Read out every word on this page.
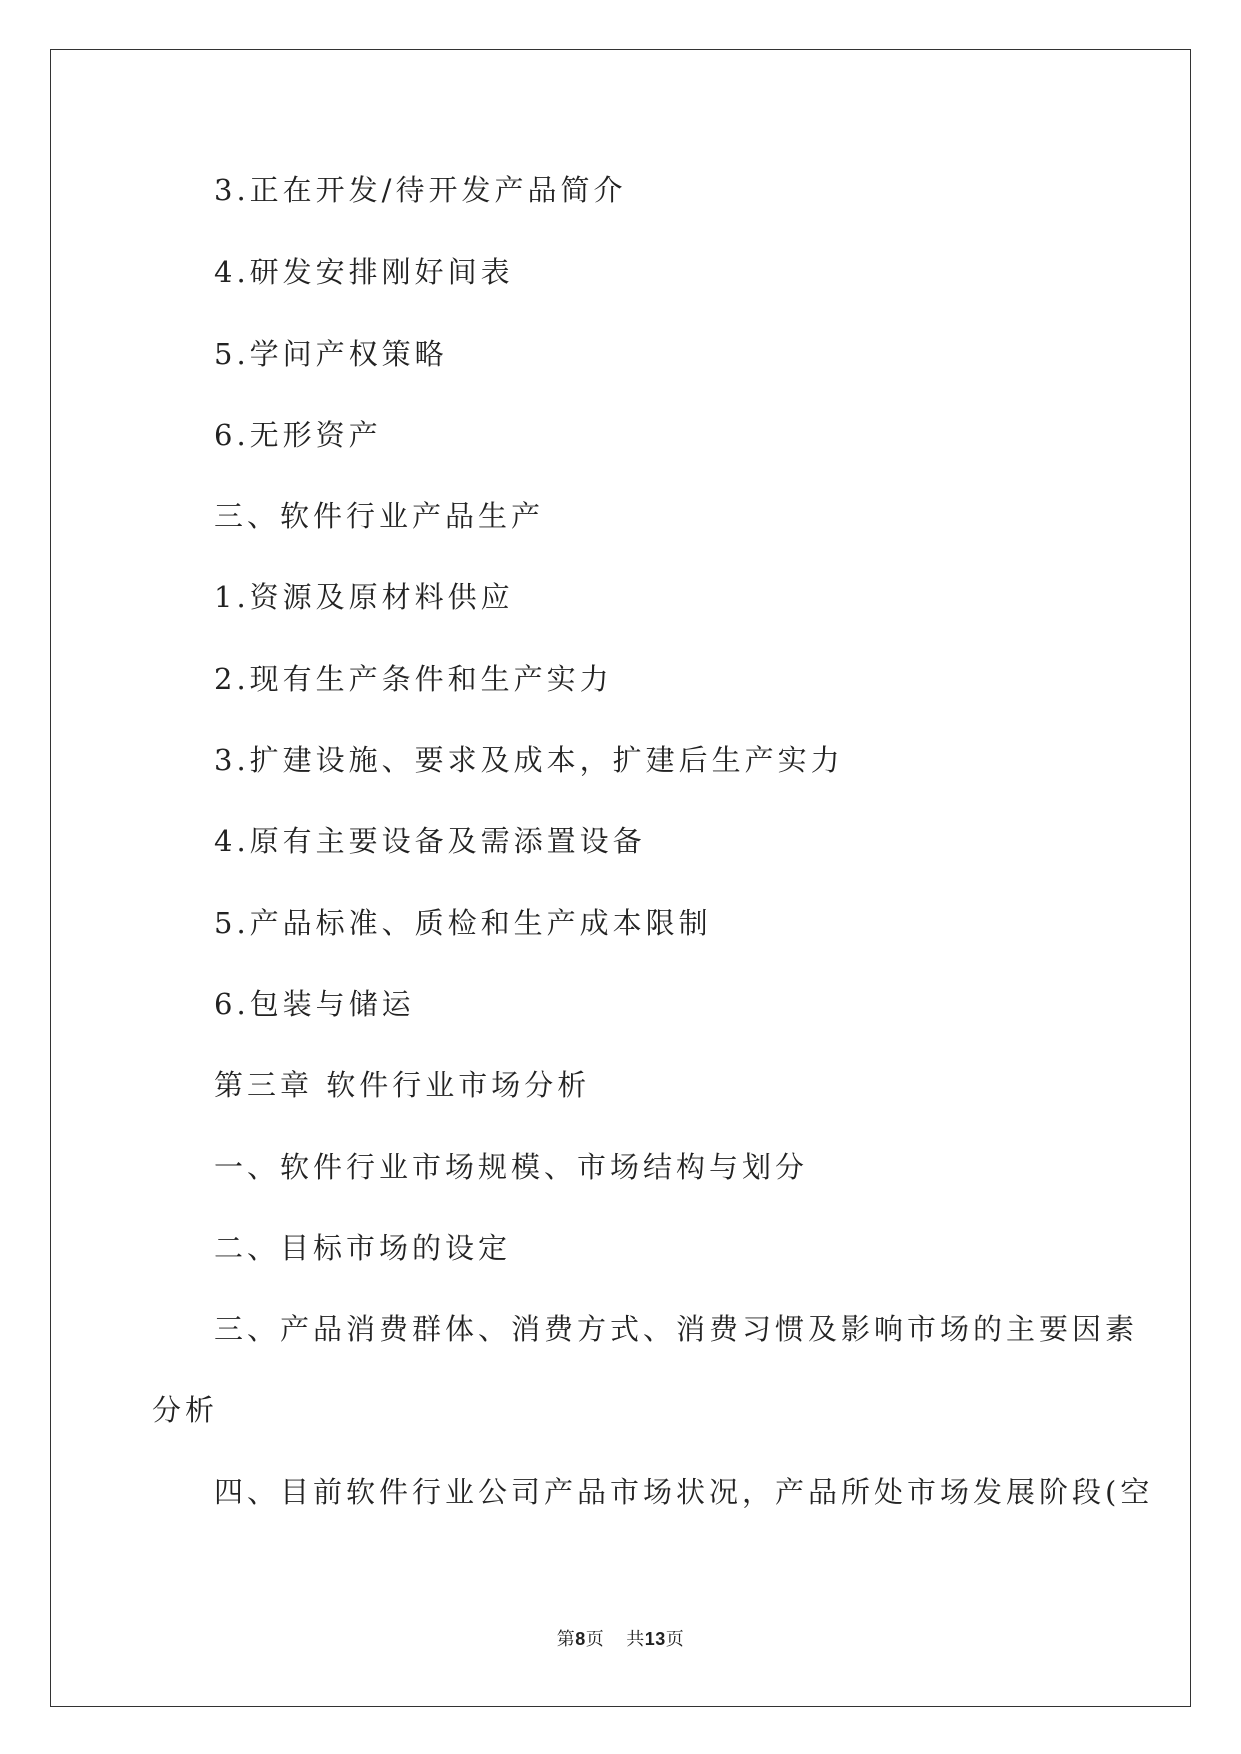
3.正在开发/待开发产品简介
4.研发安排刚好间表
5.学问产权策略
6.无形资产
三、软件行业产品生产
1.资源及原材料供应
2.现有生产条件和生产实力
3.扩建设施、要求及成本，扩建后生产实力
4.原有主要设备及需添置设备
5.产品标准、质检和生产成本限制
6.包装与储运
第三章 软件行业市场分析
一、软件行业市场规模、市场结构与划分
二、目标市场的设定
三、产品消费群体、消费方式、消费习惯及影响市场的主要因素
分析
四、目前软件行业公司产品市场状况，产品所处市场发展阶段(空
第8页 共13页
